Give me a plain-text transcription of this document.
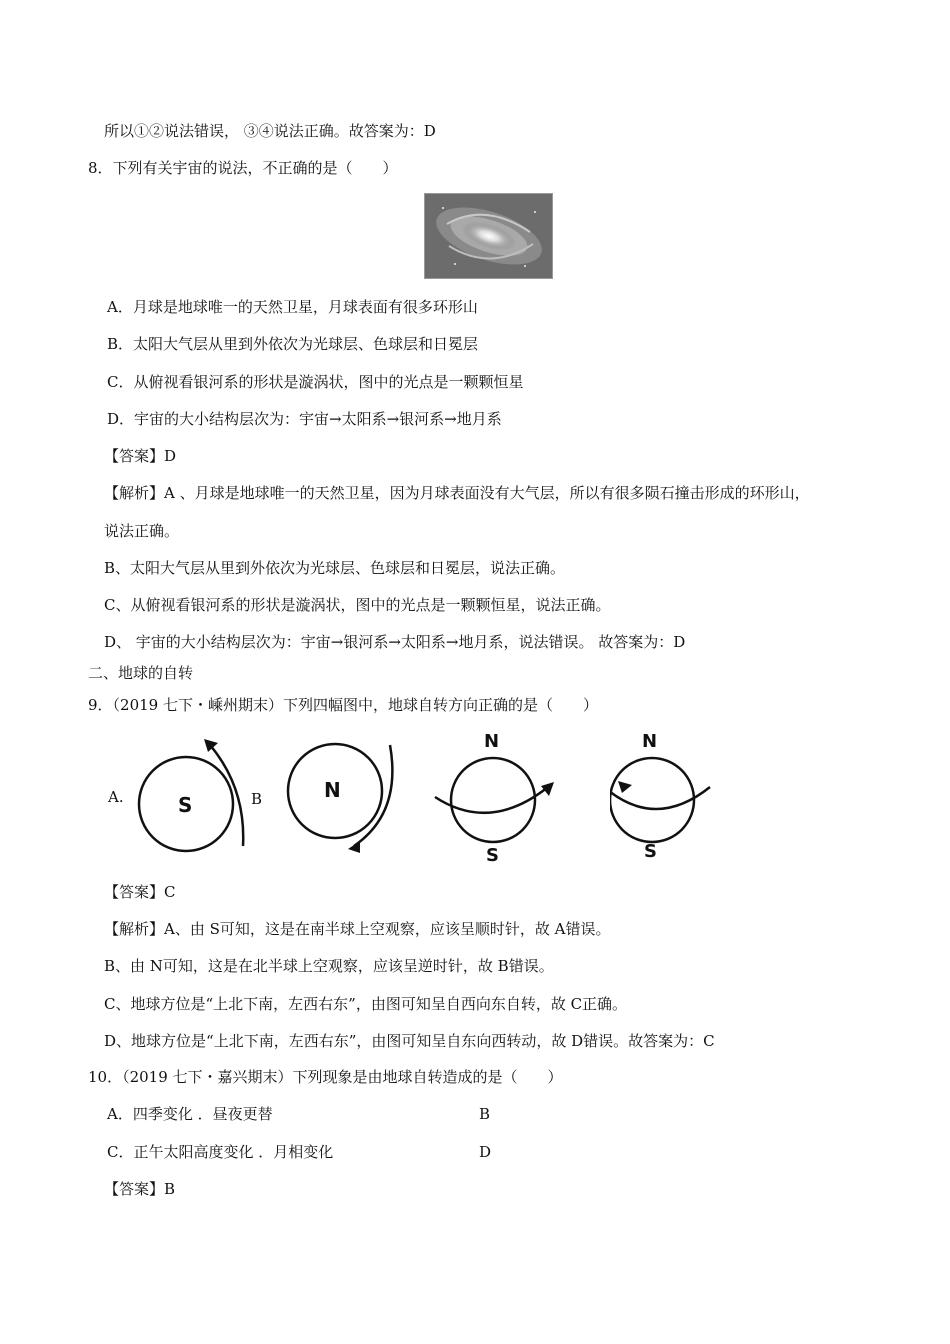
所以①②说法错误， ③④说法正确。故答案为：D
8．下列有关宇宙的说法，不正确的是（　　）
A．月球是地球唯一的天然卫星，月球表面有很多环形山
B．太阳大气层从里到外依次为光球层、色球层和日冕层
C．从俯视看银河系的形状是漩涡状，图中的光点是一颗颗恒星
D．宇宙的大小结构层次为：宇宙→太阳系→银河系→地月系
【答案】D
【解析】A 、月球是地球唯一的天然卫星，因为月球表面没有大气层，所以有很多陨石撞击形成的环形山，
说法正确。
B、太阳大气层从里到外依次为光球层、色球层和日冕层，说法正确。
C、从俯视看银河系的形状是漩涡状，图中的光点是一颗颗恒星，说法正确。
D、 宇宙的大小结构层次为：宇宙→银河系→太阳系→地月系，说法错误。 故答案为：D
二、地球的自转
9．（2019 七下・嵊州期末）下列四幅图中，地球自转方向正确的是（　　）
A.	S	B	N
N
S
N
S
【答案】C
【解析】A、由 S可知，这是在南半球上空观察，应该呈顺时针，故 A错误。
B、由 N可知，这是在北半球上空观察，应该呈逆时针，故 B错误。
C、地球方位是“上北下南，左西右东”，由图可知呈自西向东自转，故 C正确。
D、地球方位是“上北下南，左西右东”，由图可知呈自东向西转动，故 D错误。故答案为：C
10．（2019 七下・嘉兴期末）下列现象是由地球自转造成的是（　　）
A．四季变化 ．昼夜更替	B
C．正午太阳高度变化 ．月相变化	D
【答案】B
